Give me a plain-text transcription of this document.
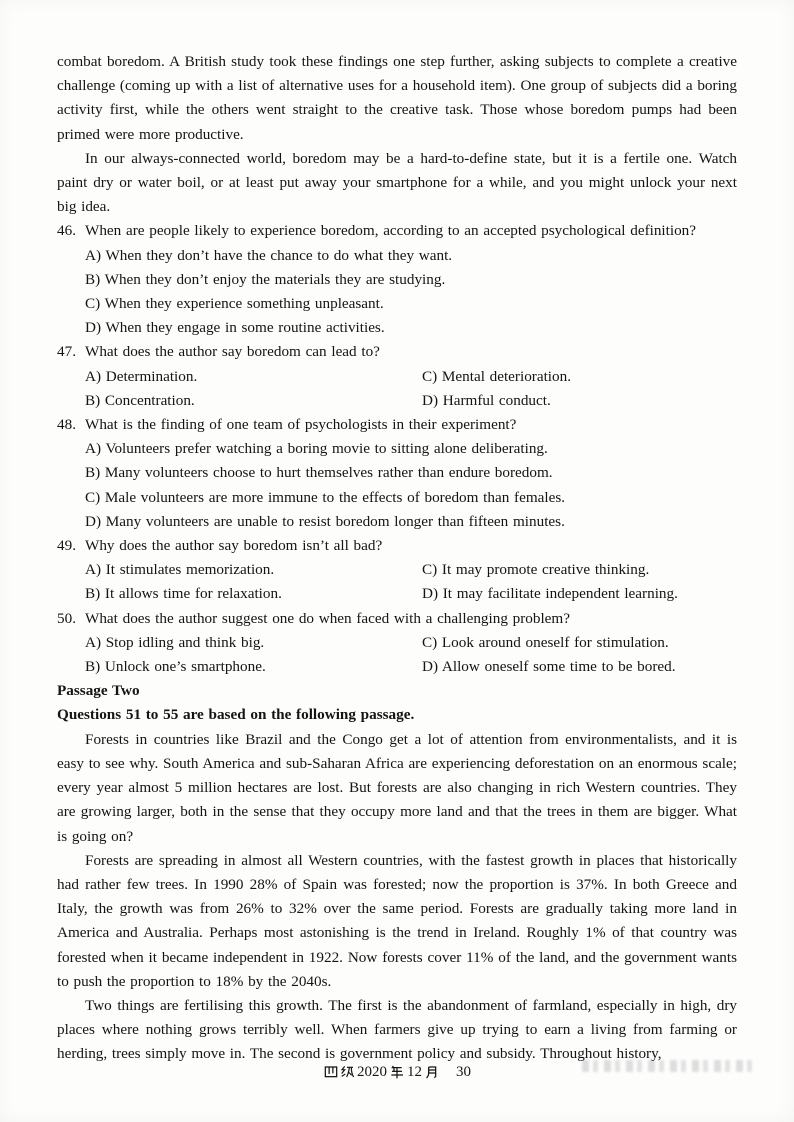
combat boredom. A British study took these findings one step further, asking subjects to complete a creative challenge (coming up with a list of alternative uses for a household item). One group of subjects did a boring activity first, while the others went straight to the creative task. Those whose boredom pumps had been primed were more productive.

In our always-connected world, boredom may be a hard-to-define state, but it is a fertile one. Watch paint dry or water boil, or at least put away your smartphone for a while, and you might unlock your next big idea.

46. When are people likely to experience boredom, according to an accepted psychological definition?
A) When they don’t have the chance to do what they want.
B) When they don’t enjoy the materials they are studying.
C) When they experience something unpleasant.
D) When they engage in some routine activities.
47. What does the author say boredom can lead to?
A) Determination.	C) Mental deterioration.
B) Concentration.	D) Harmful conduct.
48. What is the finding of one team of psychologists in their experiment?
A) Volunteers prefer watching a boring movie to sitting alone deliberating.
B) Many volunteers choose to hurt themselves rather than endure boredom.
C) Male volunteers are more immune to the effects of boredom than females.
D) Many volunteers are unable to resist boredom longer than fifteen minutes.
49. Why does the author say boredom isn’t all bad?
A) It stimulates memorization.	C) It may promote creative thinking.
B) It allows time for relaxation.	D) It may facilitate independent learning.
50. What does the author suggest one do when faced with a challenging problem?
A) Stop idling and think big.	C) Look around oneself for stimulation.
B) Unlock one’s smartphone.	D) Allow oneself some time to be bored.
Passage Two
Questions 51 to 55 are based on the following passage.

Forests in countries like Brazil and the Congo get a lot of attention from environmentalists, and it is easy to see why. South America and sub-Saharan Africa are experiencing deforestation on an enormous scale; every year almost 5 million hectares are lost. But forests are also changing in rich Western countries. They are growing larger, both in the sense that they occupy more land and that the trees in them are bigger. What is going on?

Forests are spreading in almost all Western countries, with the fastest growth in places that historically had rather few trees. In 1990 28% of Spain was forested; now the proportion is 37%. In both Greece and Italy, the growth was from 26% to 32% over the same period. Forests are gradually taking more land in America and Australia. Perhaps most astonishing is the trend in Ireland. Roughly 1% of that country was forested when it became independent in 1922. Now forests cover 11% of the land, and the government wants to push the proportion to 18% by the 2040s.

Two things are fertilising this growth. The first is the abandonment of farmland, especially in high, dry places where nothing grows terribly well. When farmers give up trying to earn a living from farming or herding, trees simply move in. The second is government policy and subsidy. Throughout history,

2020 12 30
